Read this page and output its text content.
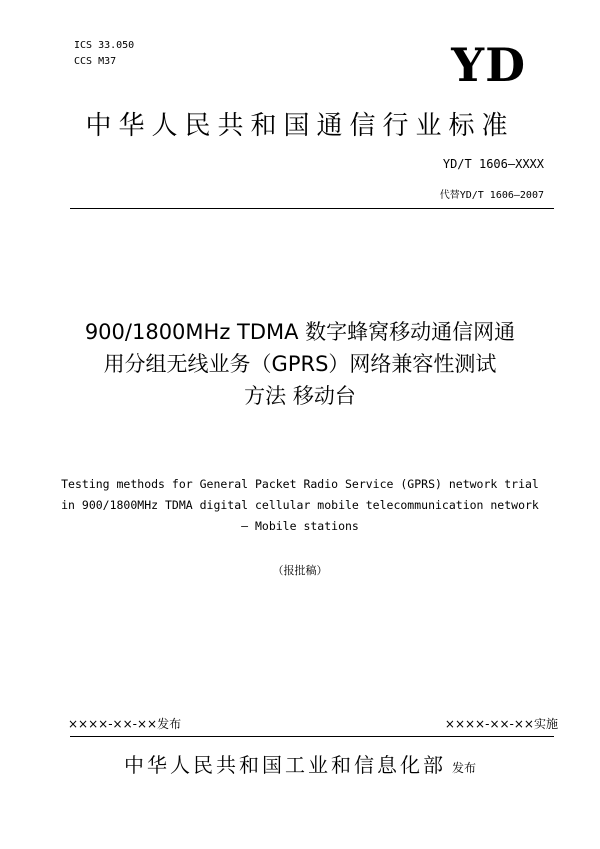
ICS 33.050
CCS M37	YD
中华人民共和国通信行业标准
YD/T 1606—XXXX
代替YD/T 1606—2007
900/1800MHz TDMA 数字蜂窝移动通信网通
用分组无线业务（GPRS）网络兼容性测试
方法 移动台
Testing methods for General Packet Radio Service (GPRS) network trial
in 900/1800MHz TDMA digital cellular mobile telecommunication network
— Mobile stations
（报批稿）
××××-××-××发布	××××-××-××实施
中华人民共和国工业和信息化部 发布
